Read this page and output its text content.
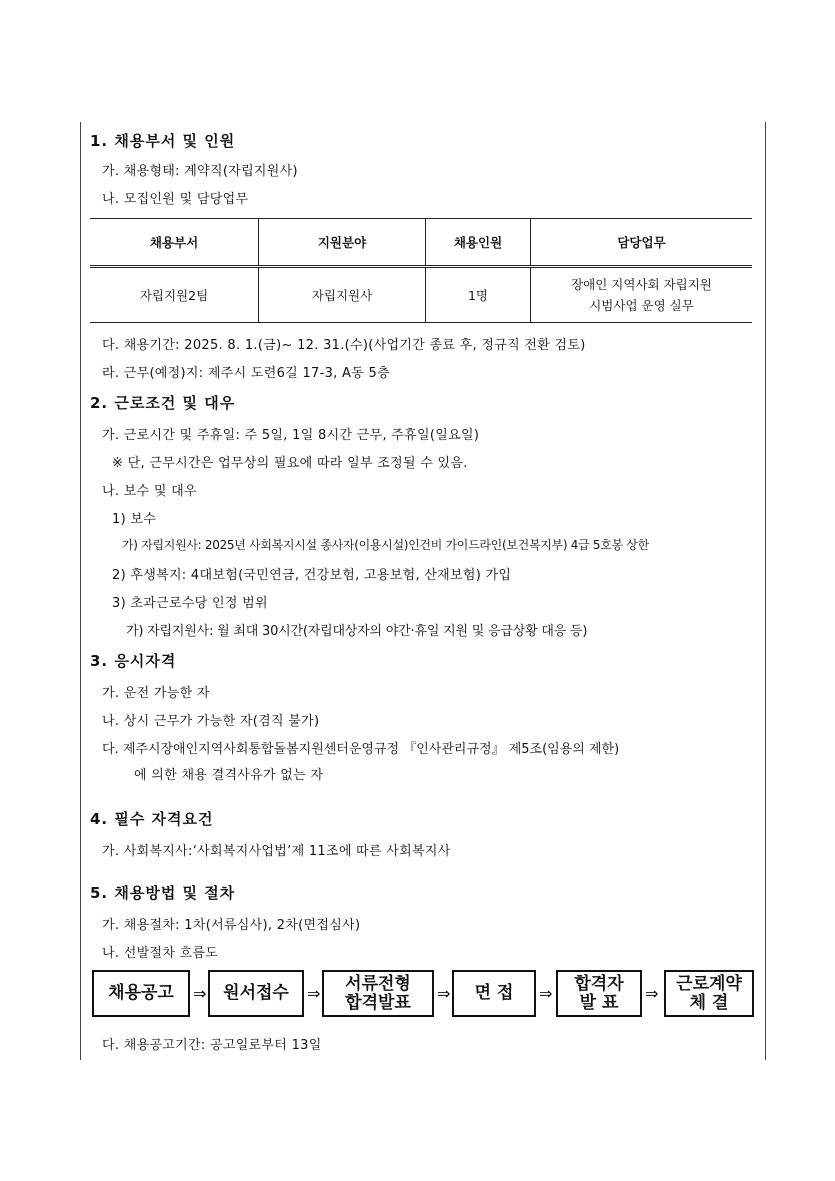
1. 채용부서 및 인원
가. 채용형태: 계약직(자립지원사)
나. 모집인원 및 담당업무
채용부서	지원분야	채용인원	담당업무
자립지원2팀	자립지원사	1명	장애인 지역사회 자립지원
시범사업 운영 실무
다. 채용기간: 2025. 8. 1.(금)~ 12. 31.(수)(사업기간 종료 후, 정규직 전환 검토)
라. 근무(예정)지: 제주시 도련6길 17-3, A동 5층
2. 근로조건 및 대우
가. 근로시간 및 주휴일: 주 5일, 1일 8시간 근무, 주휴일(일요일)
※ 단, 근무시간은 업무상의 필요에 따라 일부 조정될 수 있음.
나. 보수 및 대우
1) 보수
가) 자립지원사: 2025년 사회복지시설 종사자(이용시설)인건비 가이드라인(보건복지부) 4급 5호봉 상한
2) 후생복지: 4대보험(국민연금, 건강보험, 고용보험, 산재보험) 가입
3) 초과근로수당 인정 범위
가) 자립지원사: 월 최대 30시간(자립대상자의 야간·휴일 지원 및 응급상황 대응 등)
3. 응시자격
가. 운전 가능한 자
나. 상시 근무가 가능한 자(겸직 불가)
다. 제주시장애인지역사회통합돌봄지원센터운영규정 『인사관리규정』 제5조(임용의 제한)
에 의한 채용 결격사유가 없는 자
4. 필수 자격요건
가. 사회복지사:‘사회복지사업법’제 11조에 따른 사회복지사
5. 채용방법 및 절차
가. 채용절차: 1차(서류심사), 2차(면접심사)
나. 선발절차 흐름도
채용공고	⇒ 원서접수	⇒	서류전형
합격발표	⇒	면 접	⇒	합격자
발 표	⇒	근로계약
체 결
다. 채용공고기간: 공고일로부터 13일
